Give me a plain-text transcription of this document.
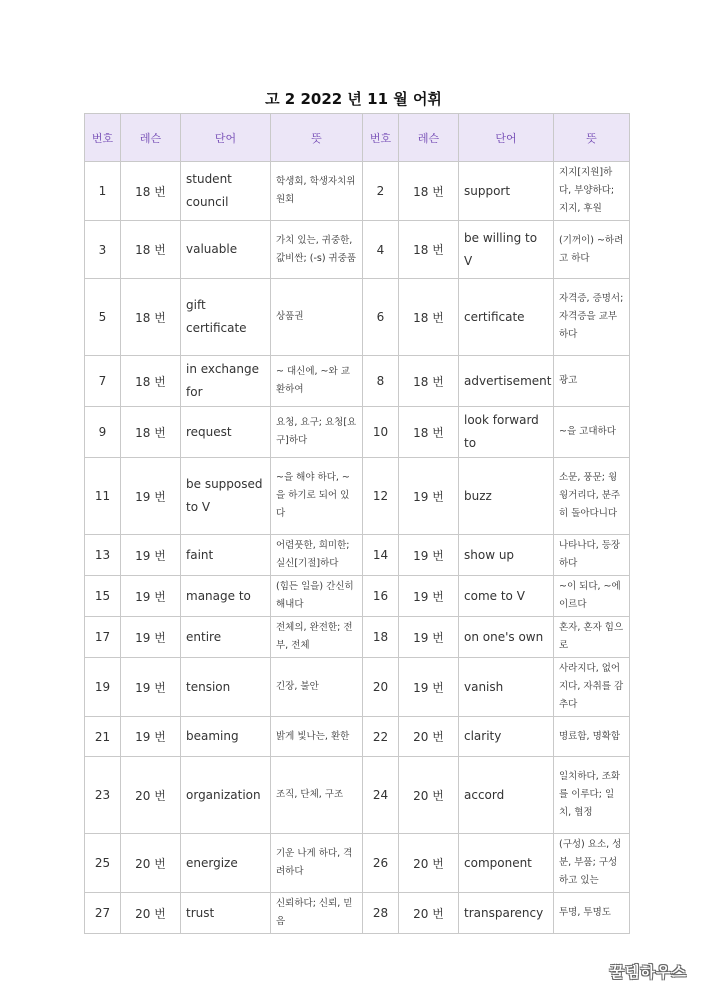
고 2 2022 년 11 월 어휘
번호	레슨	단어	뜻	번호	레슨	단어	뜻
1	18 번	student council	학생회, 학생자치위원회	2	18 번	support	지지[지원]하다, 부양하다; 지지, 후원
3	18 번	valuable	가치 있는, 귀중한, 값비싼; (-s) 귀중품	4	18 번	be willing to V	(기꺼이) ~하려고 하다
5	18 번	gift certificate	상품권	6	18 번	certificate	자격증, 증명서; 자격증을 교부하다
7	18 번	in exchange for	~ 대신에, ~와 교환하여	8	18 번	advertisement	광고
9	18 번	request	요청, 요구; 요청[요구]하다	10	18 번	look forward to	~을 고대하다
11	19 번	be supposed to V	~을 해야 하다, ~을 하기로 되어 있다	12	19 번	buzz	소문, 풍문; 윙윙거리다, 분주히 돌아다니다
13	19 번	faint	어렴풋한, 희미한; 실신[기절]하다	14	19 번	show up	나타나다, 등장하다
15	19 번	manage to	(힘든 일을) 간신히 해내다	16	19 번	come to V	~이 되다, ~에 이르다
17	19 번	entire	전체의, 완전한; 전부, 전체	18	19 번	on one's own	혼자, 혼자 힘으로
19	19 번	tension	긴장, 불안	20	19 번	vanish	사라지다, 없어지다, 자취를 감추다
21	19 번	beaming	밝게 빛나는, 환한	22	20 번	clarity	명료함, 명확함
23	20 번	organization	조직, 단체, 구조	24	20 번	accord	일치하다, 조화를 이루다; 일치, 협정
25	20 번	energize	기운 나게 하다, 격려하다	26	20 번	component	(구성) 요소, 성분, 부품; 구성하고 있는
27	20 번	trust	신뢰하다; 신뢰, 믿음	28	20 번	transparency	투명, 투명도
꿀템하우스
